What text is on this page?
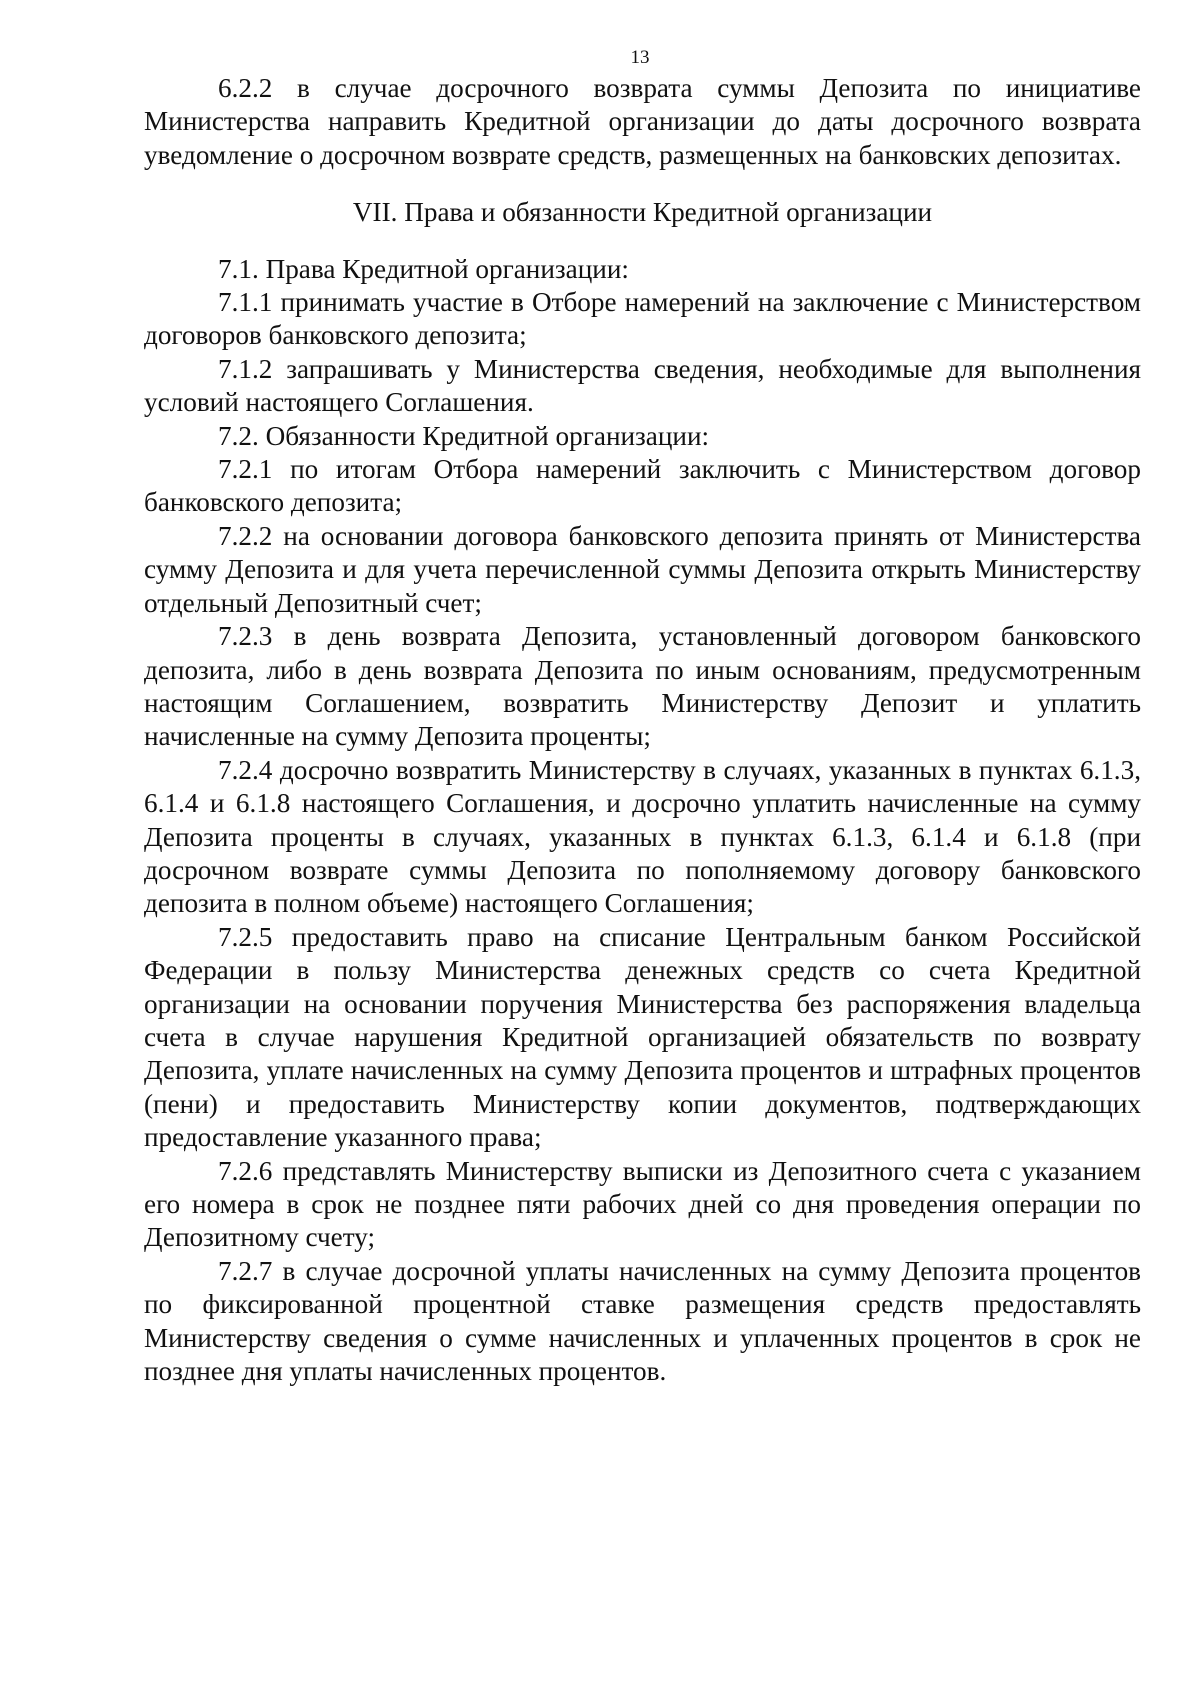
13

6.2.2 в случае досрочного возврата суммы Депозита по инициативе Министерства направить Кредитной организации до даты досрочного возврата уведомление о досрочном возврате средств, размещенных на банковских депозитах.

VII. Права и обязанности Кредитной организации

7.1. Права Кредитной организации:

7.1.1 принимать участие в Отборе намерений на заключение с Министерством договоров банковского депозита;

7.1.2 запрашивать у Министерства сведения, необходимые для выполнения условий настоящего Соглашения.

7.2. Обязанности Кредитной организации:

7.2.1 по итогам Отбора намерений заключить с Министерством договор банковского депозита;

7.2.2 на основании договора банковского депозита принять от Министерства сумму Депозита и для учета перечисленной суммы Депозита открыть Министерству отдельный Депозитный счет;

7.2.3 в день возврата Депозита, установленный договором банковского депозита, либо в день возврата Депозита по иным основаниям, предусмотренным настоящим Соглашением, возвратить Министерству Депозит и уплатить начисленные на сумму Депозита проценты;

7.2.4 досрочно возвратить Министерству в случаях, указанных в пунктах 6.1.3, 6.1.4 и 6.1.8 настоящего Соглашения, и досрочно уплатить начисленные на сумму Депозита проценты в случаях, указанных в пунктах 6.1.3, 6.1.4 и 6.1.8 (при досрочном возврате суммы Депозита по пополняемому договору банковского депозита в полном объеме) настоящего Соглашения;

7.2.5 предоставить право на списание Центральным банком Российской Федерации в пользу Министерства денежных средств со счета Кредитной организации на основании поручения Министерства без распоряжения владельца счета в случае нарушения Кредитной организацией обязательств по возврату Депозита, уплате начисленных на сумму Депозита процентов и штрафных процентов (пени) и предоставить Министерству копии документов, подтверждающих предоставление указанного права;

7.2.6 представлять Министерству выписки из Депозитного счета с указанием его номера в срок не позднее пяти рабочих дней со дня проведения операции по Депозитному счету;

7.2.7 в случае досрочной уплаты начисленных на сумму Депозита процентов по фиксированной процентной ставке размещения средств предоставлять Министерству сведения о сумме начисленных и уплаченных процентов в срок не позднее дня уплаты начисленных процентов.
